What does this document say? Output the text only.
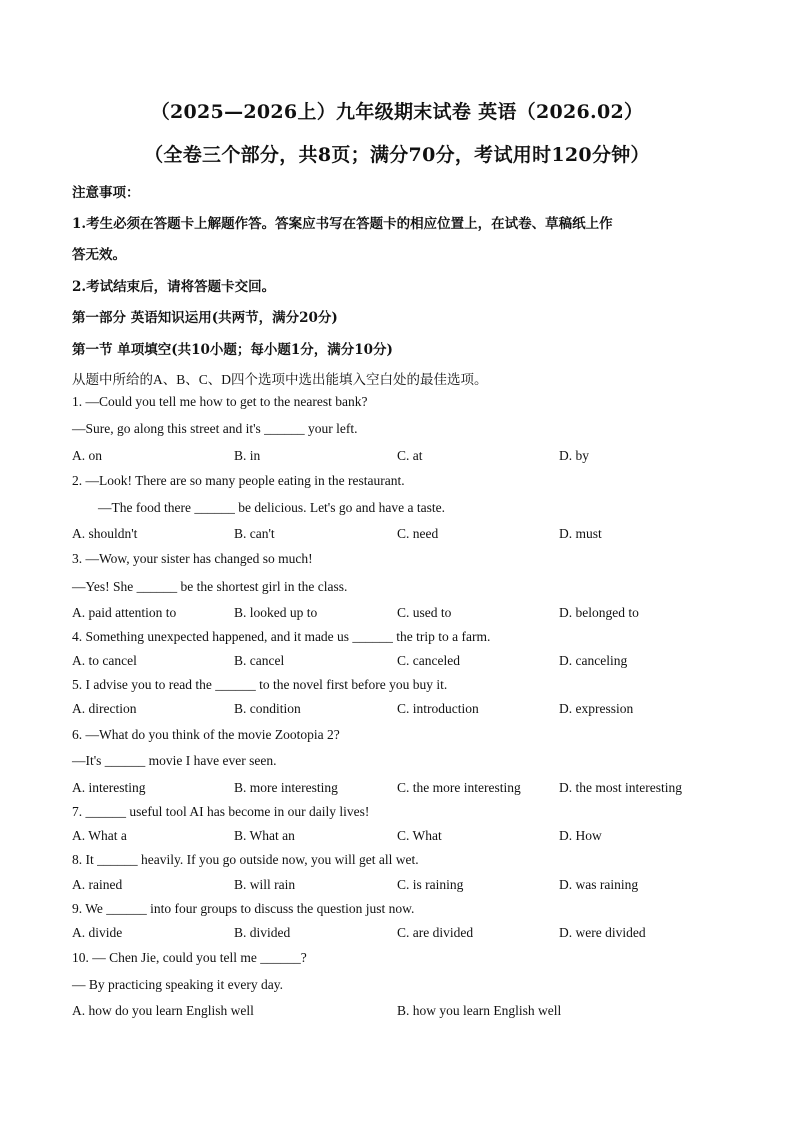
（2025—2026上）九年级期末试卷 英语（2026.02）
（全卷三个部分，共8页；满分70分，考试用时120分钟）
注意事项：
1.考生必须在答题卡上解题作答。答案应书写在答题卡的相应位置上，在试卷、草稿纸上作
答无效。
2.考试结束后，请将答题卡交回。
第一部分 英语知识运用(共两节，满分20分)
第一节 单项填空(共10小题；每小题1分，满分10分)
从题中所给的A、B、C、D四个选项中选出能填入空白处的最佳选项。
1. —Could you tell me how to get to the nearest bank?
—Sure, go along this street and it's ______ your left.
A. on	B. in	C. at	D. by
2. —Look! There are so many people eating in the restaurant.
—The food there ______ be delicious. Let's go and have a taste.
A. shouldn't	B. can't	C. need	D. must
3. —Wow, your sister has changed so much!
—Yes! She ______ be the shortest girl in the class.
A. paid attention to	B. looked up to	C. used to	D. belonged to
4. Something unexpected happened, and it made us ______ the trip to a farm.
A. to cancel	B. cancel	C. canceled	D. canceling
5. I advise you to read the ______ to the novel first before you buy it.
A. direction	B. condition	C. introduction	D. expression
6. —What do you think of the movie Zootopia 2?
—It's ______ movie I have ever seen.
A. interesting	B. more interesting	C. the more interesting	D. the most interesting
7. ______ useful tool AI has become in our daily lives!
A. What a	B. What an	C. What	D. How
8. It ______ heavily. If you go outside now, you will get all wet.
A. rained	B. will rain	C. is raining	D. was raining
9. We ______ into four groups to discuss the question just now.
A. divide	B. divided	C. are divided	D. were divided
10. — Chen Jie, could you tell me ______?
— By practicing speaking it every day.
A. how do you learn English well	B. how you learn English well
